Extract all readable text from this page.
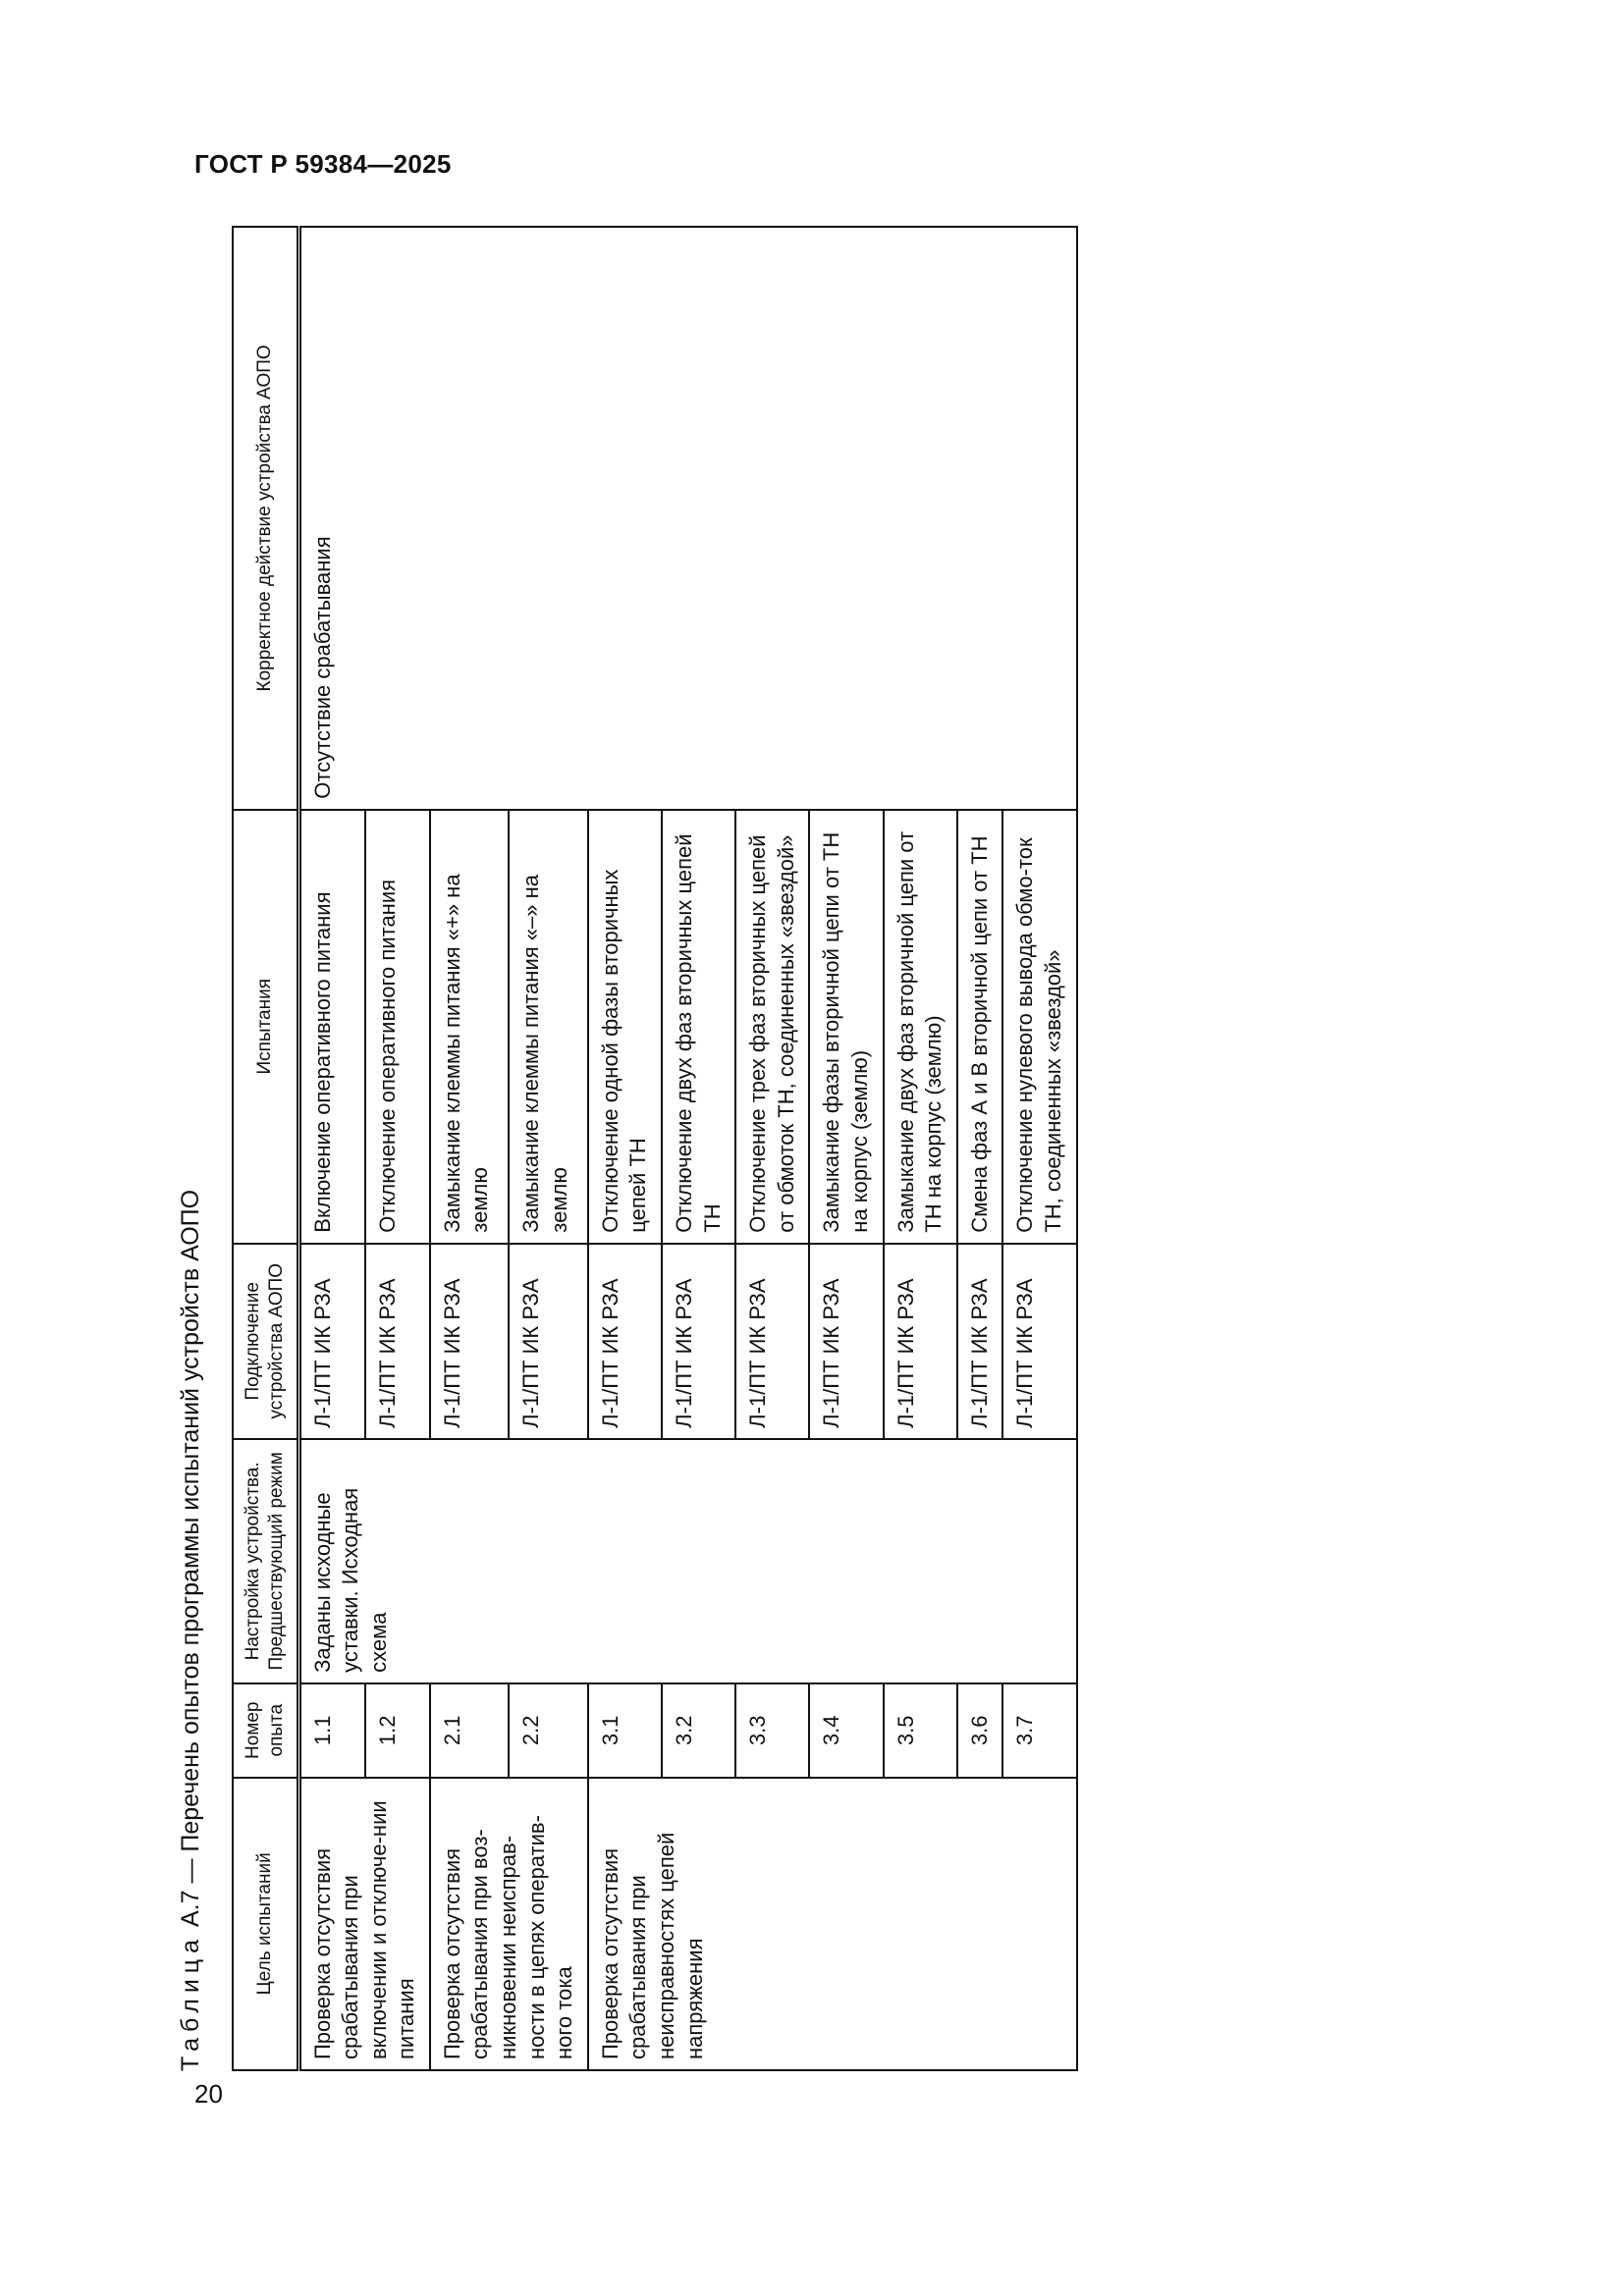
ГОСТ Р 59384—2025
20
Таблица А.7 — Перечень опытов программы испытаний устройств АОПО	Цель испытаний	Номер опыта	Настройка устройства. Предшествующий режим	Подключение устройства АОПО	Испытания	Корректное действие устройства АОПО
Проверка отсутствия срабатывания при включении и отключе-нии питания	1.1	Заданы исходные уставки. Исходная схема	Л-1/ПТ ИК РЗА	Включение оперативного питания	Отсутствие срабатывания
	1.2		Л-1/ПТ ИК РЗА	Отключение оперативного питания	
Проверка отсутствия срабатывания при воз-никновении неисправ-ности в цепях оператив-ного тока	2.1		Л-1/ПТ ИК РЗА	Замыкание клеммы питания «+» на землю	
	2.2		Л-1/ПТ ИК РЗА	Замыкание клеммы питания «–» на землю	
Проверка отсутствия срабатывания при неисправностях цепей напряжения	3.1		Л-1/ПТ ИК РЗА	Отключение одной фазы вторичных цепей ТН	
	3.2		Л-1/ПТ ИК РЗА	Отключение двух фаз вторичных цепей ТН	
	3.3		Л-1/ПТ ИК РЗА	Отключение трех фаз вторичных цепей от обмоток ТН, соединенных «звездой»	
	3.4		Л-1/ПТ ИК РЗА	Замыкание фазы вторичной цепи от ТН на корпус (землю)	
	3.5		Л-1/ПТ ИК РЗА	Замыкание двух фаз вторичной цепи от ТН на корпус (землю)	
	3.6		Л-1/ПТ ИК РЗА	Смена фаз А и В вторичной цепи от ТН	
	3.7		Л-1/ПТ ИК РЗА	Отключение нулевого вывода обмо-ток ТН, соединенных «звездой»	
